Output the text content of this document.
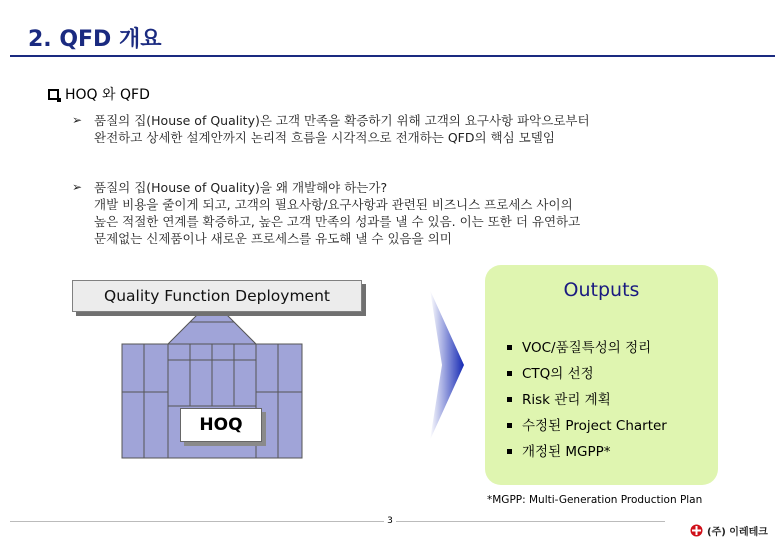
2. QFD 개요
HOQ 와 QFD
➢ 품질의 집(House of Quality)은 고객 만족을 확증하기 위해 고객의 요구사항 파악으로부터
완전하고 상세한 설계안까지 논리적 흐름을 시각적으로 전개하는 QFD의 핵심 모델임
➢ 품질의 집(House of Quality)을 왜 개발해야 하는가?
개발 비용을 줄이게 되고, 고객의 필요사항/요구사항과 관련된 비즈니스 프로세스 사이의
높은 적절한 연계를 확증하고, 높은 고객 만족의 성과를 낼 수 있음. 이는 또한 더 유연하고
문제없는 신제품이나 새로운 프로세스를 유도해 낼 수 있음을 의미
Quality Function Deployment
HOQ
Outputs
VOC/품질특성의 정리
CTQ의 선정
Risk 관리 계획
수정된 Project Charter
개정된 MGPP*
*MGPP: Multi-Generation Production Plan
3
(주) 이레테크
